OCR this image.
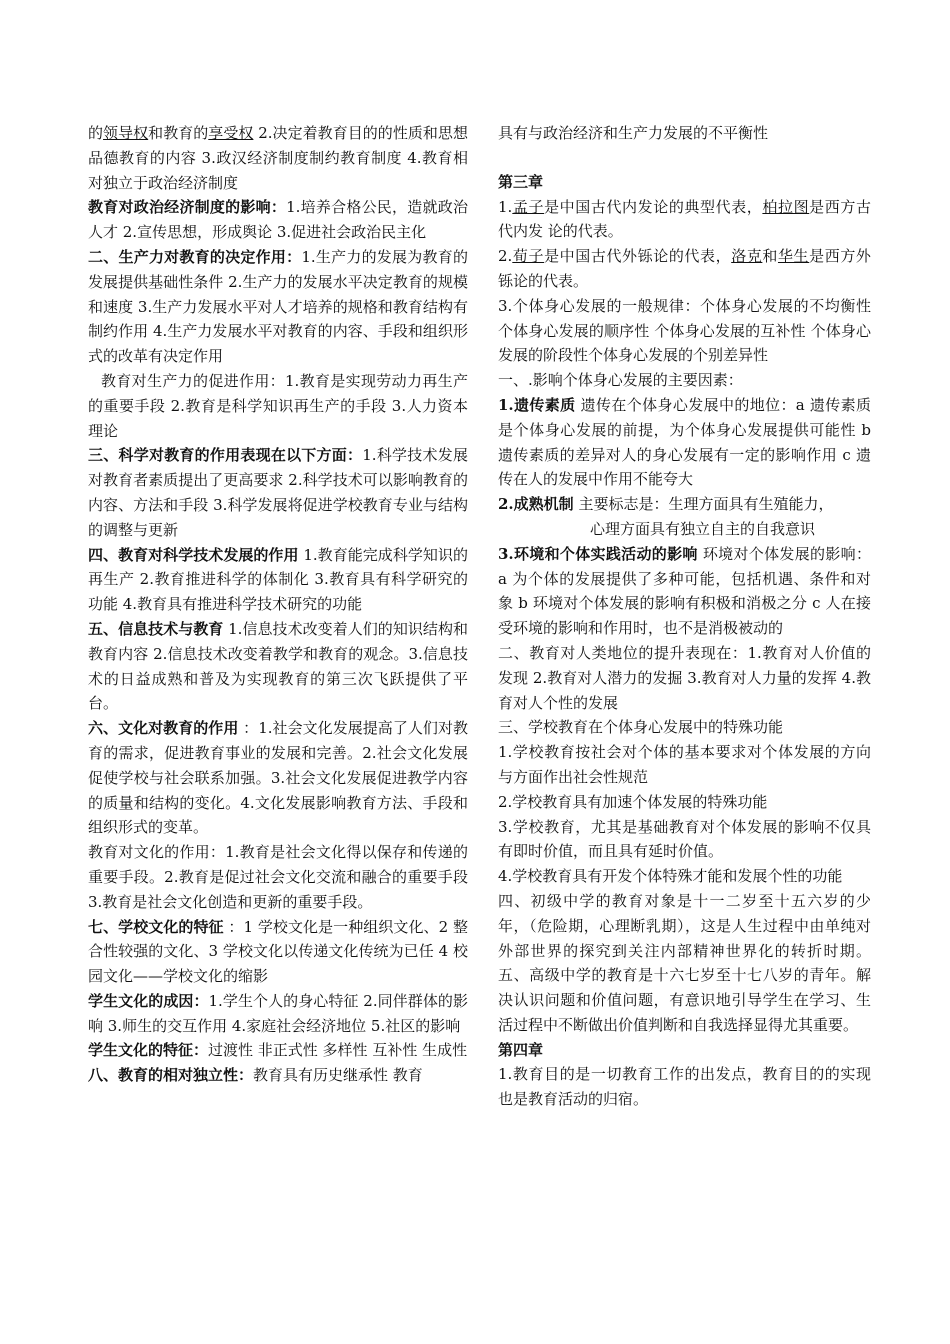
的领导权和教育的享受权 2.决定着教育目的的性质和思想品德教育的内容 3.政汉经济制度制约教育制度 4.教育相对独立于政治经济制度

教育对政治经济制度的影响：1.培养合格公民，造就政治人才 2.宣传思想，形成舆论 3.促进社会政治民主化

二、生产力对教育的决定作用：1.生产力的发展为教育的发展提供基础性条件 2.生产力的发展水平决定教育的规模和速度 3.生产力发展水平对人才培养的规格和教育结构有制约作用 4.生产力发展水平对教育的内容、手段和组织形式的改革有决定作用

教育对生产力的促进作用：1.教育是实现劳动力再生产的重要手段 2.教育是科学知识再生产的手段 3.人力资本理论

三、科学对教育的作用表现在以下方面：1.科学技术发展对教育者素质提出了更高要求 2.科学技术可以影响教育的内容、方法和手段 3.科学发展将促进学校教育专业与结构的调整与更新

四、教育对科学技术发展的作用 1.教育能完成科学知识的再生产 2.教育推进科学的体制化 3.教育具有科学研究的功能 4.教育具有推进科学技术研究的功能

五、信息技术与教育 1.信息技术改变着人们的知识结构和教育内容 2.信息技术改变着教学和教育的观念。3.信息技术的日益成熟和普及为实现教育的第三次飞跃提供了平台。

六、文化对教育的作用 ：1.社会文化发展提高了人们对教育的需求，促进教育事业的发展和完善。2.社会文化发展促使学校与社会联系加强。3.社会文化发展促进教学内容的质量和结构的变化。4.文化发展影响教育方法、手段和组织形式的变革。

教育对文化的作用：1.教育是社会文化得以保存和传递的重要手段。2.教育是促过社会文化交流和融合的重要手段 3.教育是社会文化创造和更新的重要手段。

七、学校文化的特征 ：1 学校文化是一种组织文化、2 整合性较强的文化、3 学校文化以传递文化传统为已任 4 校园文化——学校文化的缩影

学生文化的成因：1.学生个人的身心特征 2.同伴群体的影响 3.师生的交互作用 4.家庭社会经济地位 5.社区的影响

学生文化的特征：过渡性 非正式性 多样性 互补性 生成性

八、教育的相对独立性：教育具有历史继承性 教育

具有与政治经济和生产力发展的不平衡性

第三章

1.孟子是中国古代内发论的典型代表，柏拉图是西方古代内发 论的代表。

2.荀子是中国古代外铄论的代表，洛克和华生是西方外铄论的代表。

3.个体身心发展的一般规律：个体身心发展的不均衡性 个体身心发展的顺序性 个体身心发展的互补性 个体身心发展的阶段性个体身心发展的个别差异性

一、.影响个体身心发展的主要因素：

1.遗传素质 遗传在个体身心发展中的地位：a 遗传素质是个体身心发展的前提，为个体身心发展提供可能性 b 遗传素质的差异对人的身心发展有一定的影响作用 c 遗传在人的发展中作用不能夸大

2.成熟机制 主要标志是：生理方面具有生殖能力，

心理方面具有独立自主的自我意识

3.环境和个体实践活动的影响 环境对个体发展的影响：a 为个体的发展提供了多种可能，包括机遇、条件和对象 b 环境对个体发展的影响有积极和消极之分 c 人在接受环境的影响和作用时，也不是消极被动的

二、教育对人类地位的提升表现在：1.教育对人价值的发现 2.教育对人潜力的发掘 3.教育对人力量的发挥 4.教育对人个性的发展

三、学校教育在个体身心发展中的特殊功能

1.学校教育按社会对个体的基本要求对个体发展的方向与方面作出社会性规范

2.学校教育具有加速个体发展的特殊功能

3.学校教育，尤其是基础教育对个体发展的影响不仅具有即时价值，而且具有延时价值。

4.学校教育具有开发个体特殊才能和发展个性的功能

四、初级中学的教育对象是十一二岁至十五六岁的少年，（危险期，心理断乳期），这是人生过程中由单纯对外部世界的探究到关注内部精神世界化的转折时期。五、高级中学的教育是十六七岁至十七八岁的青年。解决认识问题和价值问题，有意识地引导学生在学习、生活过程中不断做出价值判断和自我选择显得尤其重要。

第四章

1.教育目的是一切教育工作的出发点，教育目的的实现也是教育活动的归宿。
